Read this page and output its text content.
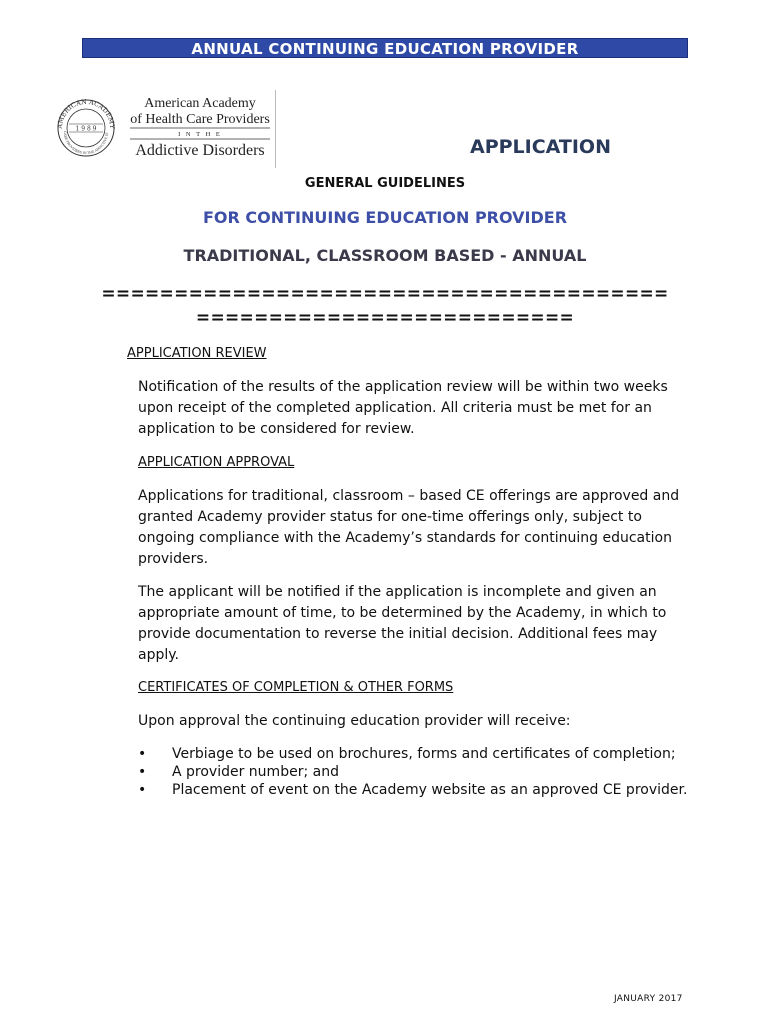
ANNUAL CONTINUING EDUCATION PROVIDER
AMERICAN ACADEMY
CARE PROVIDERS IN THE ADDICTIVE DI
1 9 8 9
American Academy
of Health Care Providers
I N T H E
Addictive Disorders	APPLICATION
GENERAL GUIDELINES
FOR CONTINUING EDUCATION PROVIDER
TRADITIONAL, CLASSROOM BASED - ANNUAL
=======================================
==========================
APPLICATION REVIEW

Notification of the results of the application review will be within two weeks upon receipt of the completed application. All criteria must be met for an application to be considered for review.

APPLICATION APPROVAL

Applications for traditional, classroom – based CE offerings are approved and granted Academy provider status for one-time offerings only, subject to ongoing compliance with the Academy’s standards for continuing education providers.

The applicant will be notified if the application is incomplete and given an appropriate amount of time, to be determined by the Academy, in which to provide documentation to reverse the initial decision. Additional fees may apply.

CERTIFICATES OF COMPLETION & OTHER FORMS

Upon approval the continuing education provider will receive:

• Verbiage to be used on brochures, forms and certificates of completion;
• A provider number; and
• Placement of event on the Academy website as an approved CE provider.
JANUARY 2017
